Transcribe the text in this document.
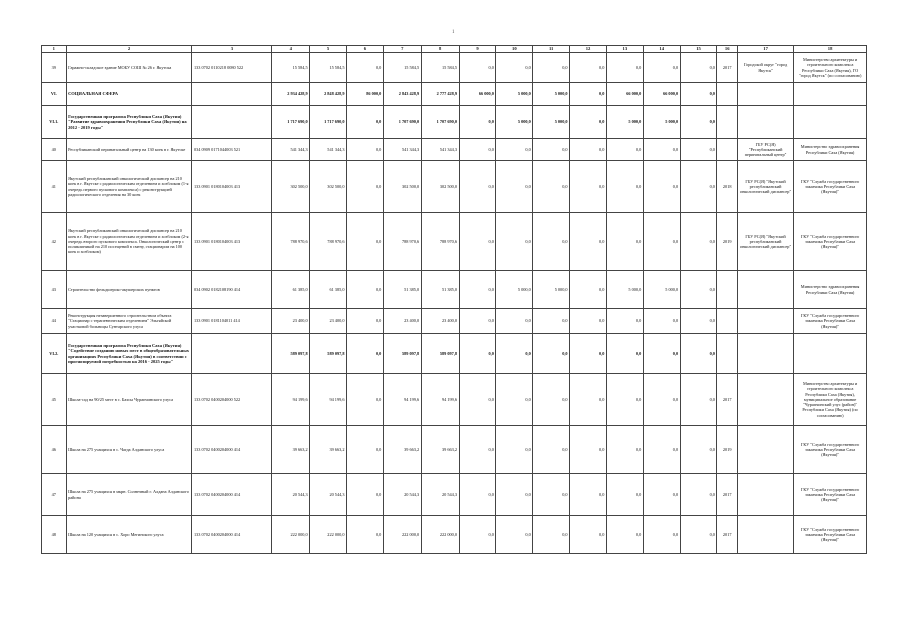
1
1	2	3	4	5	6	7	8	9	10	11	12	13	14	15	16	17	18
39	Гаражно-складское здание МОБУ СОШ № 26 г. Якутска	133 0702 0110218 0080 522	15 584,5	15 584,5	0,0	15 584,5	15 584,5	0,0	0,0	0,0	0,0	0,0	0,0	0,0	2017	Городской округ "город Якутск"	Министерство архитектуры и строительного комплекса Республики Саха (Якутия), ГО "город Якутск" (по согласованию)
VI.	СОЦИАЛЬНАЯ СФЕРА		2 934 428,9	2 848 428,9	86 000,0	2 843 428,9	2 777 428,9	66 000,0	5 000,0	5 000,0	0,0	66 000,0	66 000,0	0,0			
VI.1.	Государственная программа Республики Саха (Якутия) "Развитие здравоохранения Республики Саха (Якутия) на 2012 - 2019 годы"		1 717 690,0	1 717 690,0	0,0	1 707 690,0	1 707 690,0	0,0	5 000,0	5 000,0	0,0	5 000,0	5 000,0	0,0			
40	Республиканский перинатальный центр на 130 коек в г. Якутске	034 0909 0171044003 521	541 344,3	541 344,3	0,0	541 344,3	541 344,3	0,0	0,0	0,0	0,0	0,0	0,0	0,0		ГБУ РС(Я) "Республиканский перинатальный центр"	Министерство здравоохранения Республики Саха (Якутия)
41	Якутский республиканский онкологический диспансер на 210 коек в г. Якутске с радиологическим отделением и хозблоком (1-я очередь первого пускового комплекса) с реконструкцией радиологического отделения на 30 коек	133 0901 0180104003 413	302 500,0	302 500,0	0,0	302 500,0	302 500,0	0,0	0,0	0,0	0,0	0,0	0,0	0,0	2018	ГБУ РС(Я) "Якутский республиканский онкологический диспансер"	ГКУ "Служба государственного заказчика Республики Саха (Якутия)"
42	Якутский республиканский онкологический диспансер на 210 коек в г. Якутске с радиологическим отделением и хозблоком (2-я очередь второго пускового комплекса. Онкологический центр с поликлиникой на 210 посещений в смену, стационаром на 100 коек и хозблоком)	133 0901 0180104003 413	788 970,6	788 970,6	0,0	788 970,6	788 970,6	0,0	0,0	0,0	0,0	0,0	0,0	0,0	2019	ГБУ РС(Я) "Якутский республиканский онкологический диспансер"	ГКУ "Служба государственного заказчика Республики Саха (Якутия)"
43	Строительство фельдшерско-акушерских пунктов	034 0902 0182108190 414	61 385,0	61 385,0	0,0	51 385,0	51 385,0	0,0	5 000,0	5 000,0	0,0	5 000,0	5 000,0	0,0			Министерство здравоохранения Республики Саха (Якутия)
44	Реконструкция незавершенного строительством объекта "Стационар с терапевтическим отделением" Эльгяйской участковой больницы Сунтарского улуса	133 0901 0181104011 414	23 400,0	23 400,0	0,0	23 400,0	23 400,0	0,0	0,0	0,0	0,0	0,0	0,0	0,0			ГКУ "Служба государственного заказчика Республики Саха (Якутия)"
VI.2.	Государственная программа Республики Саха (Якутия) "Содействие созданию новых мест в общеобразовательных организациях Республики Саха (Якутия) в соответствии с прогнозируемой потребностью на 2016 - 2025 годы"		589 097,8	589 097,8	0,0	589 097,8	589 097,8	0,0	0,0	0,0	0,0	0,0	0,0	0,0			
45	Школа-сад на 90/25 мест в с. Бахсы Чурапчинского улуса	133 0702 0400204000 522	94 199,6	94 199,6	0,0	94 199,6	94 199,6	0,0	0,0	0,0	0,0	0,0	0,0	0,0	2017		Министерство архитектуры и строительного комплекса Республики Саха (Якутия), муниципальное образование "Чурапчинский улус (район)" Республики Саха (Якутия) (по согласованию)
46	Школа на 275 учащихся в с. Чагда Алданского улуса	133 0702 0400204000 414	39 663,2	39 663,2	0,0	39 663,2	39 663,2	0,0	0,0	0,0	0,0	0,0	0,0	0,0	2019		ГКУ "Служба государственного заказчика Республики Саха (Якутия)"
47	Школа на 275 учащихся в мкрн. Солнечный г. Алдана Алданского района	133 0702 0400204000 414	20 544,3	20 544,3	0,0	20 544,3	20 544,3	0,0	0,0	0,0	0,0	0,0	0,0	0,0	2017		ГКУ "Служба государственного заказчика Республики Саха (Якутия)"
48	Школа на 120 учащихся в с. Хоро Мегинского улуса	133 0702 0400204000 414	222 000,0	222 000,0	0,0	222 000,0	222 000,0	0,0	0,0	0,0	0,0	0,0	0,0	0,0	2017		ГКУ "Служба государственного заказчика Республики Саха (Якутия)"
